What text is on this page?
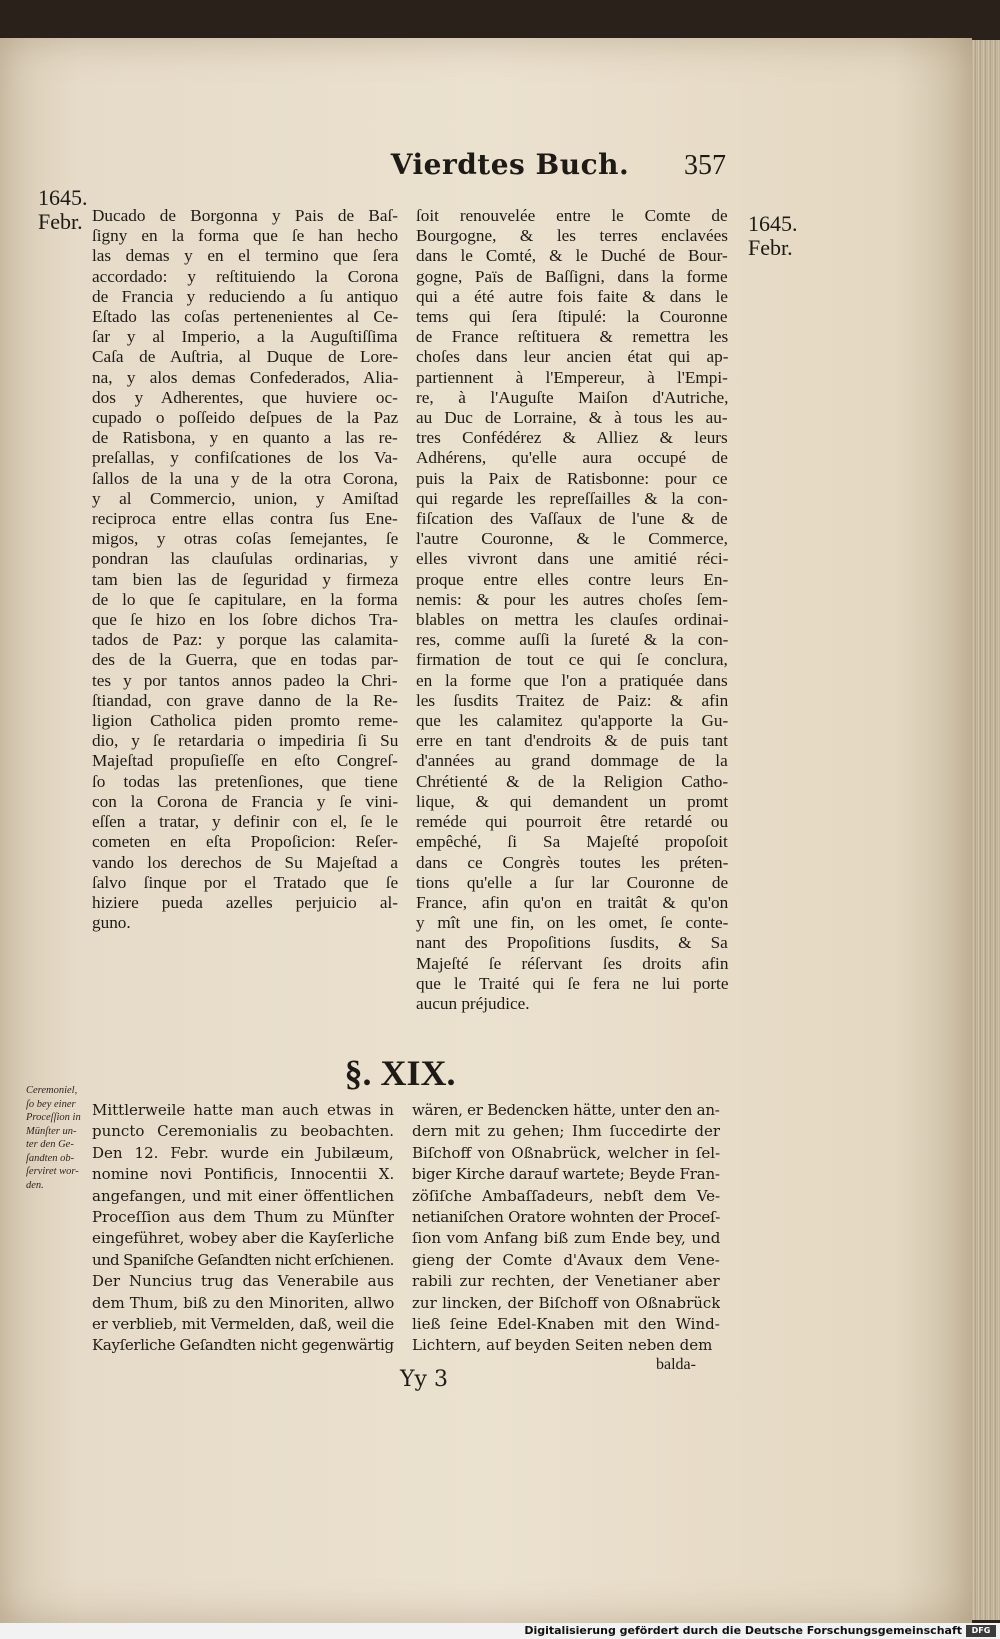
Vierdtes Buch.	357
1645.
Febr.	1645.
Febr.
Ducado de Borgonna y Pais de Baſ-
ſigny en la forma que ſe han hecho
las demas y en el termino que ſera
accordado: y reſtituiendo la Corona
de Francia y reduciendo a ſu antiquo
Eſtado las coſas pertenenientes al Ce-
ſar y al Imperio, a la Auguſtiſſima
Caſa de Auſtria, al Duque de Lore-
na, y alos demas Confederados, Alia-
dos y Adherentes, que huviere oc-
cupado o poſſeido deſpues de la Paz
de Ratisbona, y en quanto a las re-
preſallas, y confiſcationes de los Va-
ſallos de la una y de la otra Corona,
y al Commercio, union, y Amiſtad
reciproca entre ellas contra ſus Ene-
migos, y otras coſas ſemejantes, ſe
pondran las clauſulas ordinarias, y
tam bien las de ſeguridad y firmeza
de lo que ſe capitulare, en la forma
que ſe hizo en los ſobre dichos Tra-
tados de Paz: y porque las calamita-
des de la Guerra, que en todas par-
tes y por tantos annos padeo la Chri-
ſtiandad, con grave danno de la Re-
ligion Catholica piden promto reme-
dio, y ſe retardaria o impediria ſi Su
Majeſtad propuſieſſe en eſto Congreſ-
ſo todas las pretenſiones, que tiene
con la Corona de Francia y ſe vini-
eſſen a tratar, y definir con el, ſe le
cometen en eſta Propoſicion: Reſer-
vando los derechos de Su Majeſtad a
ſalvo ſinque por el Tratado que ſe
hiziere pueda azelles perjuicio al-
guno.
ſoit renouvelée entre le Comte de
Bourgogne, & les terres enclavées
dans le Comté, & le Duché de Bour-
gogne, Païs de Baſſigni, dans la forme
qui a été autre fois faite & dans le
tems qui ſera ſtipulé: la Couronne
de France reſtituera & remettra les
choſes dans leur ancien état qui ap-
partiennent à l'Empereur, à l'Empi-
re, à l'Auguſte Maiſon d'Autriche,
au Duc de Lorraine, & à tous les au-
tres Confédérez & Alliez & leurs
Adhérens, qu'elle aura occupé de
puis la Paix de Ratisbonne: pour ce
qui regarde les repreſſailles & la con-
fiſcation des Vaſſaux de l'une & de
l'autre Couronne, & le Commerce,
elles vivront dans une amitié réci-
proque entre elles contre leurs En-
nemis: & pour les autres choſes ſem-
blables on mettra les clauſes ordinai-
res, comme auſſi la ſureté & la con-
firmation de tout ce qui ſe conclura,
en la forme que l'on a pratiquée dans
les ſusdits Traitez de Paiz: & afin
que les calamitez qu'apporte la Gu-
erre en tant d'endroits & de puis tant
d'années au grand dommage de la
Chrétienté & de la Religion Catho-
lique, & qui demandent un promt
reméde qui pourroit être retardé ou
empêché, ſi Sa Majeſté propoſoit
dans ce Congrès toutes les préten-
tions qu'elle a ſur lar Couronne de
France, afin qu'on en traitât & qu'on
y mît une fin, on les omet, ſe conte-
nant des Propoſitions ſusdits, & Sa
Majeſté ſe réſervant ſes droits afin
que le Traité qui ſe fera ne lui porte
aucun préjudice.
§. XIX.
Ceremoniel,
ſo bey einer
Proceſſion in
Münſter un-
ter den Ge-
ſandten ob-
ſerviret wor-
den.
Mittlerweile hatte man auch etwas in
puncto Ceremonialis zu beobachten.
Den 12. Febr. wurde ein Jubilæum,
nomine novi Pontificis, Innocentii X.
angefangen, und mit einer öffentlichen
Proceſſion aus dem Thum zu Münſter
eingeführet, wobey aber die Kayſerliche
und Spaniſche Geſandten nicht erſchienen.
Der Nuncius trug das Venerabile aus
dem Thum, biß zu den Minoriten, allwo
er verblieb, mit Vermelden, daß, weil die
Kayſerliche Geſandten nicht gegenwärtig
wären, er Bedencken hätte, unter den an-
dern mit zu gehen; Ihm ſuccedirte der
Biſchoff von Oßnabrück, welcher in ſel-
biger Kirche darauf wartete; Beyde Fran-
zöſiſche Ambaſſadeurs, nebſt dem Ve-
netianiſchen Oratore wohnten der Proceſ-
ſion vom Anfang biß zum Ende bey, und
gieng der Comte d'Avaux dem Vene-
rabili zur rechten, der Venetianer aber
zur lincken, der Biſchoff von Oßnabrück
ließ ſeine Edel-Knaben mit den Wind-
Lichtern, auf beyden Seiten neben dem
Yy 3
balda-
Digitalisierung gefördert durch die Deutsche Forschungsgemeinschaft	DFG
